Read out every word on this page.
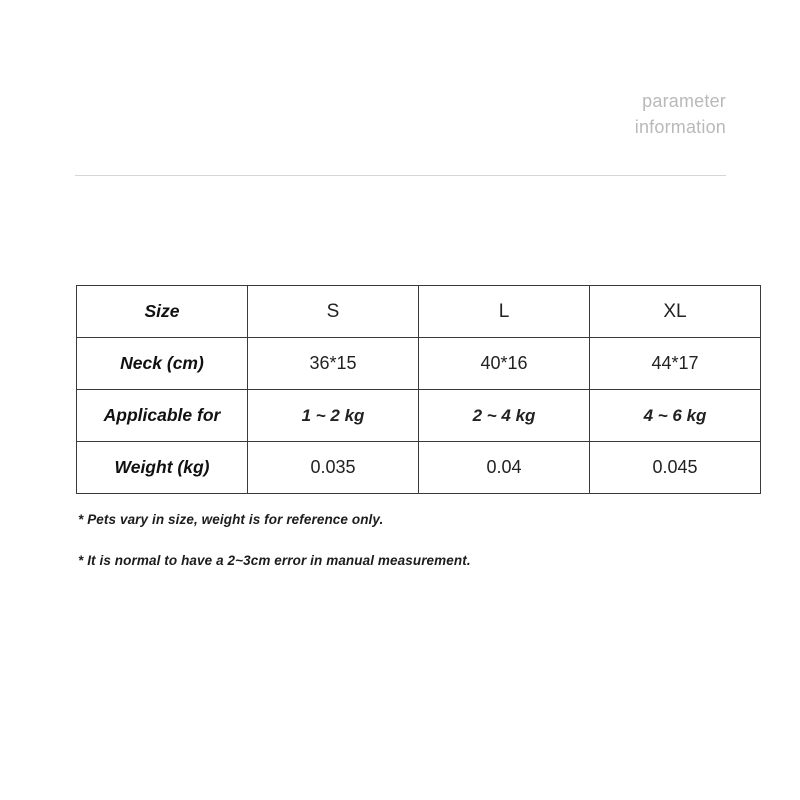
parameter
information
Size	S	L	XL
Neck (cm)	36*15	40*16	44*17
Applicable for	1 ~ 2 kg	2 ~ 4 kg	4 ~ 6 kg
Weight (kg)	0.035	0.04	0.045
* Pets vary in size, weight is for reference only.
* It is normal to have a 2~3cm error in manual measurement.
